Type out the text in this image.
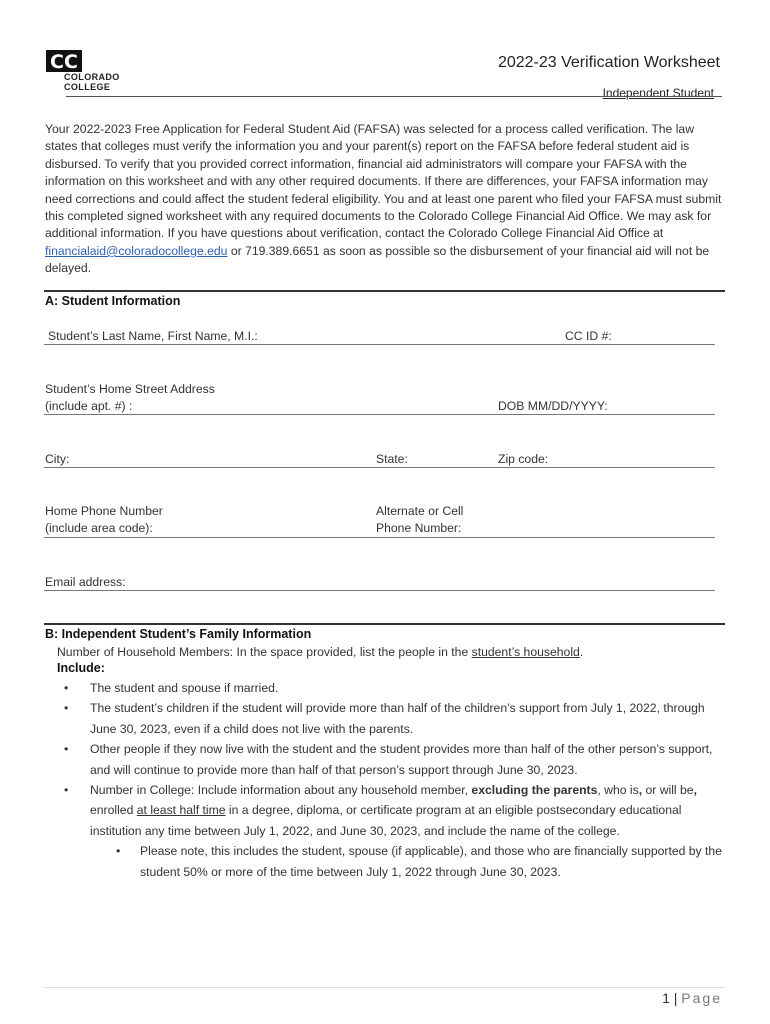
CC
COLORADO
COLLEGE
2022-23 Verification Worksheet
Independent Student
Your 2022-2023 Free Application for Federal Student Aid (FAFSA) was selected for a process called verification. The law states that colleges must verify the information you and your parent(s) report on the FAFSA before federal student aid is disbursed. To verify that you provided correct information, financial aid administrators will compare your FAFSA with the information on this worksheet and with any other required documents. If there are differences, your FAFSA information may need corrections and could affect the student federal eligibility. You and at least one parent who filed your FAFSA must submit this completed signed worksheet with any required documents to the Colorado College Financial Aid Office. We may ask for additional information. If you have questions about verification, contact the Colorado College Financial Aid Office at financialaid@coloradocollege.edu or 719.389.6651 as soon as possible so the disbursement of your financial aid will not be delayed.
A: Student Information
Student’s Last Name, First Name, M.I.:	CC ID #:
Student’s Home Street Address
(include apt. #) :	DOB MM/DD/YYYY:
City:	State:	Zip code:
Home Phone Number
(include area code):
Alternate or Cell
Phone Number:
Email address:
B: Independent Student’s Family Information
Number of Household Members: In the space provided, list the people in the student’s household.
Include:
• The student and spouse if married.
• The student’s children if the student will provide more than half of the children’s support from July 1, 2022, through June 30, 2023, even if a child does not live with the parents.
• Other people if they now live with the student and the student provides more than half of the other person’s support, and will continue to provide more than half of that person’s support through June 30, 2023.
• Number in College: Include information about any household member, excluding the parents, who is, or will be, enrolled at least half time in a degree, diploma, or certificate program at an eligible postsecondary educational institution any time between July 1, 2022, and June 30, 2023, and include the name of the college.
• Please note, this includes the student, spouse (if applicable), and those who are financially supported by the student 50% or more of the time between July 1, 2022 through June 30, 2023.
1 | Page
